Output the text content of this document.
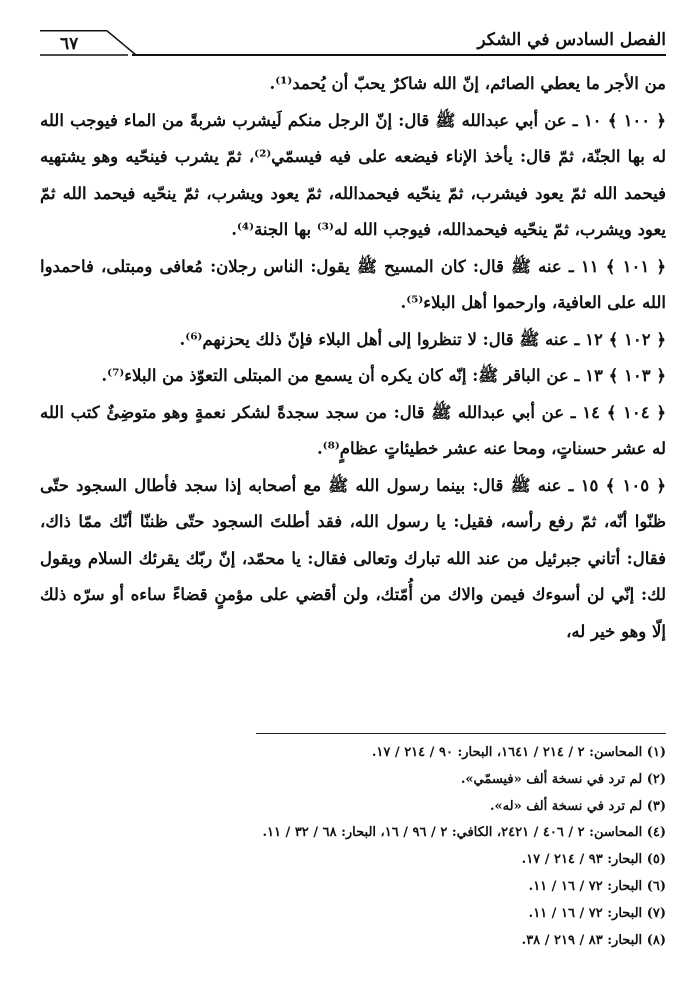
الفصل السادس في الشكر
٦٧

من الأجر ما يعطي الصائم، إنّ الله شاكرٌ يحبّ أن يُحمد⁽¹⁾.

﴿ ١٠٠ ﴾ ١٠ ـ عن أبي عبدالله ﷺ قال: إنّ الرجل منكم لَيشرب شربةً من الماء فيوجب الله له بها الجنّة، ثمّ قال: يأخذ الإناء فيضعه على فيه فيسمّي⁽²⁾، ثمّ يشرب فينحّيه وهو يشتهيه فيحمد الله ثمّ يعود فيشرب، ثمّ ينحّيه فيحمدالله، ثمّ يعود ويشرب، ثمّ ينحّيه فيحمد الله ثمّ يعود ويشرب، ثمّ ينحّيه فيحمدالله، فيوجب الله له⁽³⁾ بها الجنة⁽⁴⁾.

﴿ ١٠١ ﴾ ١١ ـ عنه ﷺ قال: كان المسيح ﷺ يقول: الناس رجلان: مُعافى ومبتلى، فاحمدوا الله على العافية، وارحموا أهل البلاء⁽⁵⁾.

﴿ ١٠٢ ﴾ ١٢ ـ عنه ﷺ قال: لا تنظروا إلى أهل البلاء فإنّ ذلك يحزنهم⁽⁶⁾.

﴿ ١٠٣ ﴾ ١٣ ـ عن الباقر ﷺ: إنّه كان يكره أن يسمع من المبتلى التعوّذ من البلاء⁽⁷⁾.

﴿ ١٠٤ ﴾ ١٤ ـ عن أبي عبدالله ﷺ قال: من سجد سجدةً لشكر نعمةٍ وهو متوضِئٌ كتب الله له عشر حسناتٍ، ومحا عنه عشر خطيئاتٍ عظامٍ⁽⁸⁾.

﴿ ١٠٥ ﴾ ١٥ ـ عنه ﷺ قال: بينما رسول الله ﷺ مع أصحابه إذا سجد فأطال السجود حتّى ظنّوا أنّه، ثمّ رفع رأسه، فقيل: يا رسول الله، فقد أطلتَ السجود حتّى ظننّا أنّك ممّا ذاك، فقال: أتاني جبرئيل من عند الله تبارك وتعالى فقال: يا محمّد، إنّ ربّك يقرئك السلام ويقول لك: إنّي لن أسوءك فيمن والاك من أُمّتك، ولن أقضي على مؤمنٍ قضاءً ساءه أو سرّه ذلك إلّا وهو خير له،

(١) المحاسن: ٢ / ٢١٤ / ١٦٤١، البحار: ٩٠ / ٢١٤ / ١٧.

(٢) لم ترد في نسخة ألف «فيسمّي».

(٣) لم ترد في نسخة ألف «له».

(٤) المحاسن: ٢ / ٤٠٦ / ٢٤٢١، الكافي: ٢ / ٩٦ / ١٦، البحار: ٦٨ / ٣٢ / ١١.

(٥) البحار: ٩٣ / ٢١٤ / ١٧.

(٦) البحار: ٧٢ / ١٦ / ١١.

(٧) البحار: ٧٢ / ١٦ / ١١.

(٨) البحار: ٨٣ / ٢١٩ / ٣٨.
